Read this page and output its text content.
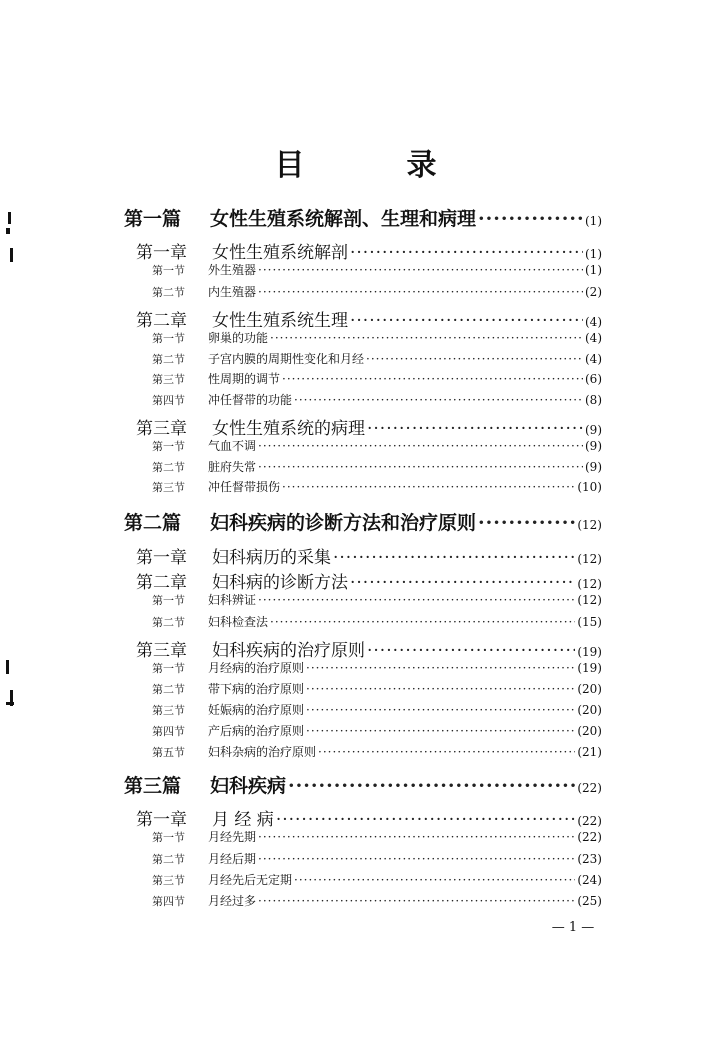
目	录
第一篇	女性生殖系统解剖、生理和病理 ·····	(1)
第一章	女性生殖系统解剖 ·····	(1)
第一节	外生殖器 ·····	(1)
第二节	内生殖器 ·····	(2)
第二章	女性生殖系统生理 ·····	(4)
第一节	卵巢的功能 ·····	(4)
第二节	子宫内膜的周期性变化和月经 ·····	(4)
第三节	性周期的调节 ·····	(6)
第四节	冲任督带的功能 ·····	(8)
第三章	女性生殖系统的病理 ·····	(9)
第一节	气血不调 ·····	(9)
第二节	脏府失常 ·····	(9)
第三节	冲任督带损伤 ·····	(10)
第二篇	妇科疾病的诊断方法和治疗原则 ·····	(12)
第一章	妇科病历的采集 ·····	(12)
第二章	妇科病的诊断方法 ·····	(12)
第一节	妇科辨证 ·····	(12)
第二节	妇科检查法 ·····	(15)
第三章	妇科疾病的治疗原则 ·····	(19)
第一节	月经病的治疗原则 ·····	(19)
第二节	带下病的治疗原则 ·····	(20)
第三节	妊娠病的治疗原则 ·····	(20)
第四节	产后病的治疗原则 ·····	(20)
第五节	妇科杂病的治疗原则 ·····	(21)
第三篇	妇科疾病 ·····	(22)
第一章	月 经 病 ·····	(22)
第一节	月经先期 ·····	(22)
第二节	月经后期 ·····	(23)
第三节	月经先后无定期 ·····	(24)
第四节	月经过多 ·····	(25)
— 1 —
